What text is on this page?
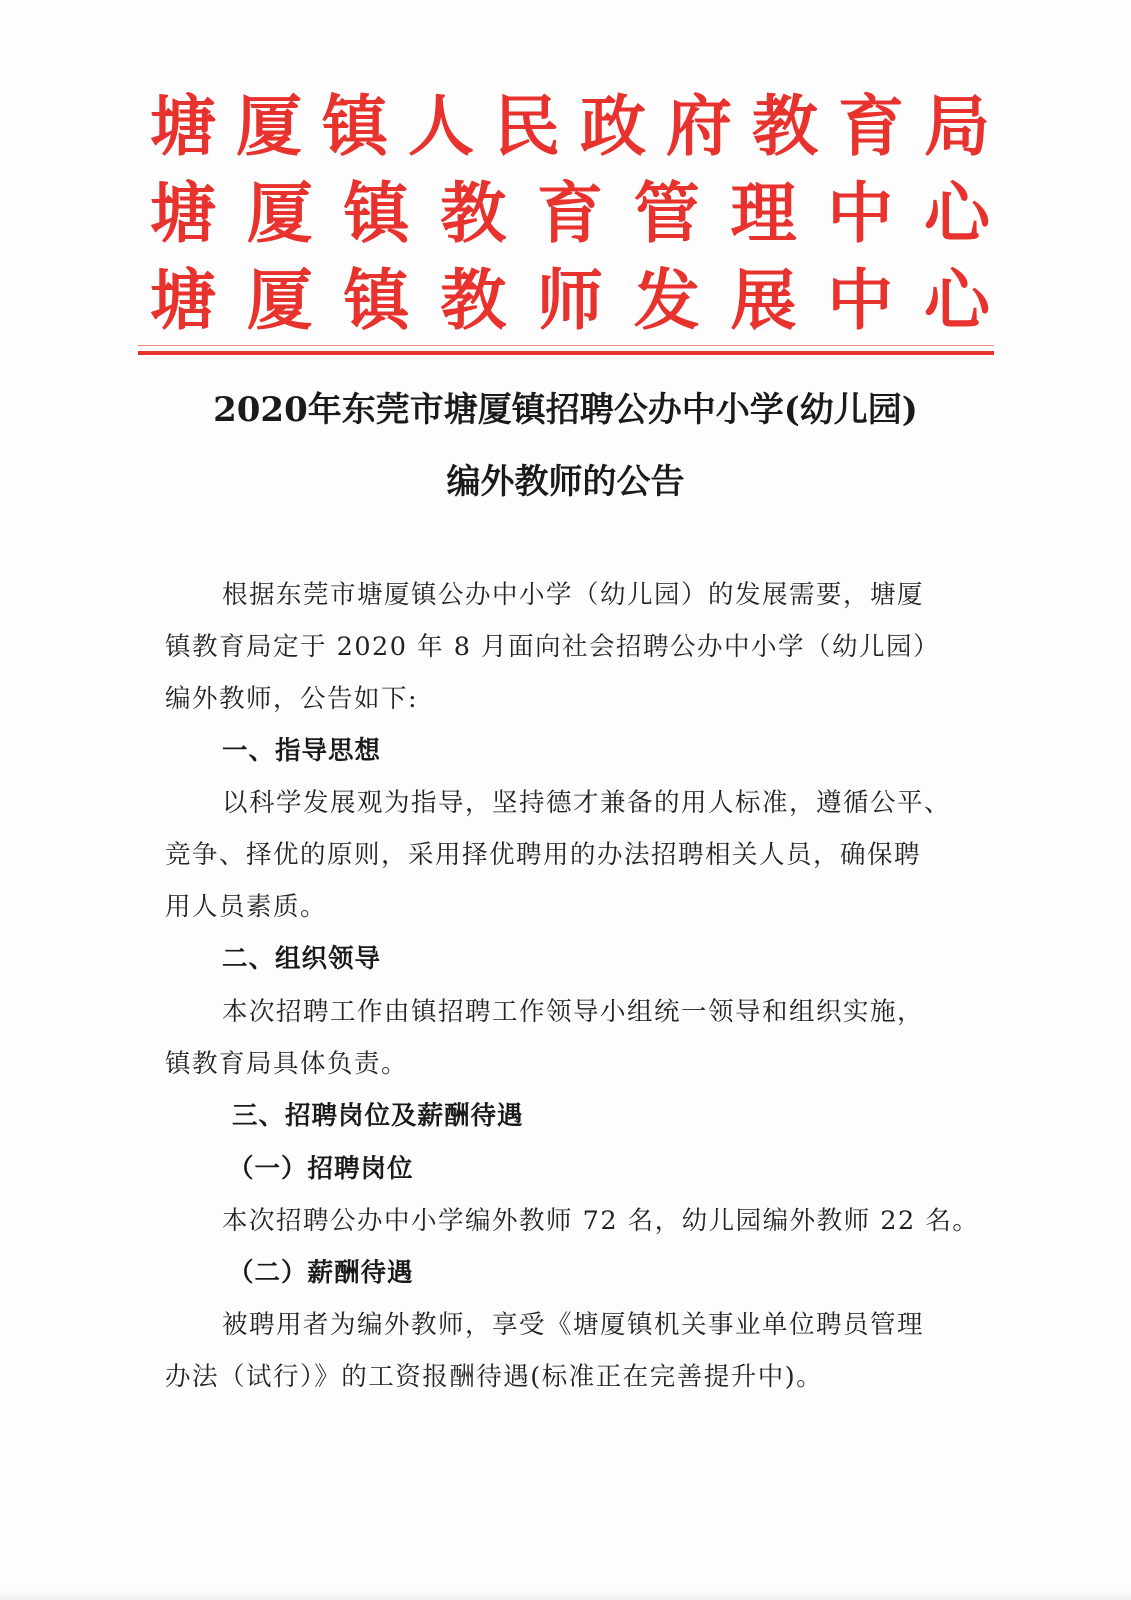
塘 厦 镇 人 民 政 府 教 育 局
塘 厦 镇 教 育 管 理 中 心
塘 厦 镇 教 师 发 展 中 心
2020年东莞市塘厦镇招聘公办中小学(幼儿园)
编外教师的公告
根据东莞市塘厦镇公办中小学（幼儿园）的发展需要，塘厦
镇教育局定于 2020 年 8 月面向社会招聘公办中小学（幼儿园）
编外教师，公告如下:
一、指导思想
以科学发展观为指导，坚持德才兼备的用人标准，遵循公平、
竞争、择优的原则，采用择优聘用的办法招聘相关人员，确保聘
用人员素质。
二、组织领导
本次招聘工作由镇招聘工作领导小组统一领导和组织实施，
镇教育局具体负责。
三、招聘岗位及薪酬待遇
（一）招聘岗位
本次招聘公办中小学编外教师 72 名，幼儿园编外教师 22 名。
（二）薪酬待遇
被聘用者为编外教师，享受《塘厦镇机关事业单位聘员管理
办法（试行）》的工资报酬待遇(标准正在完善提升中)。
